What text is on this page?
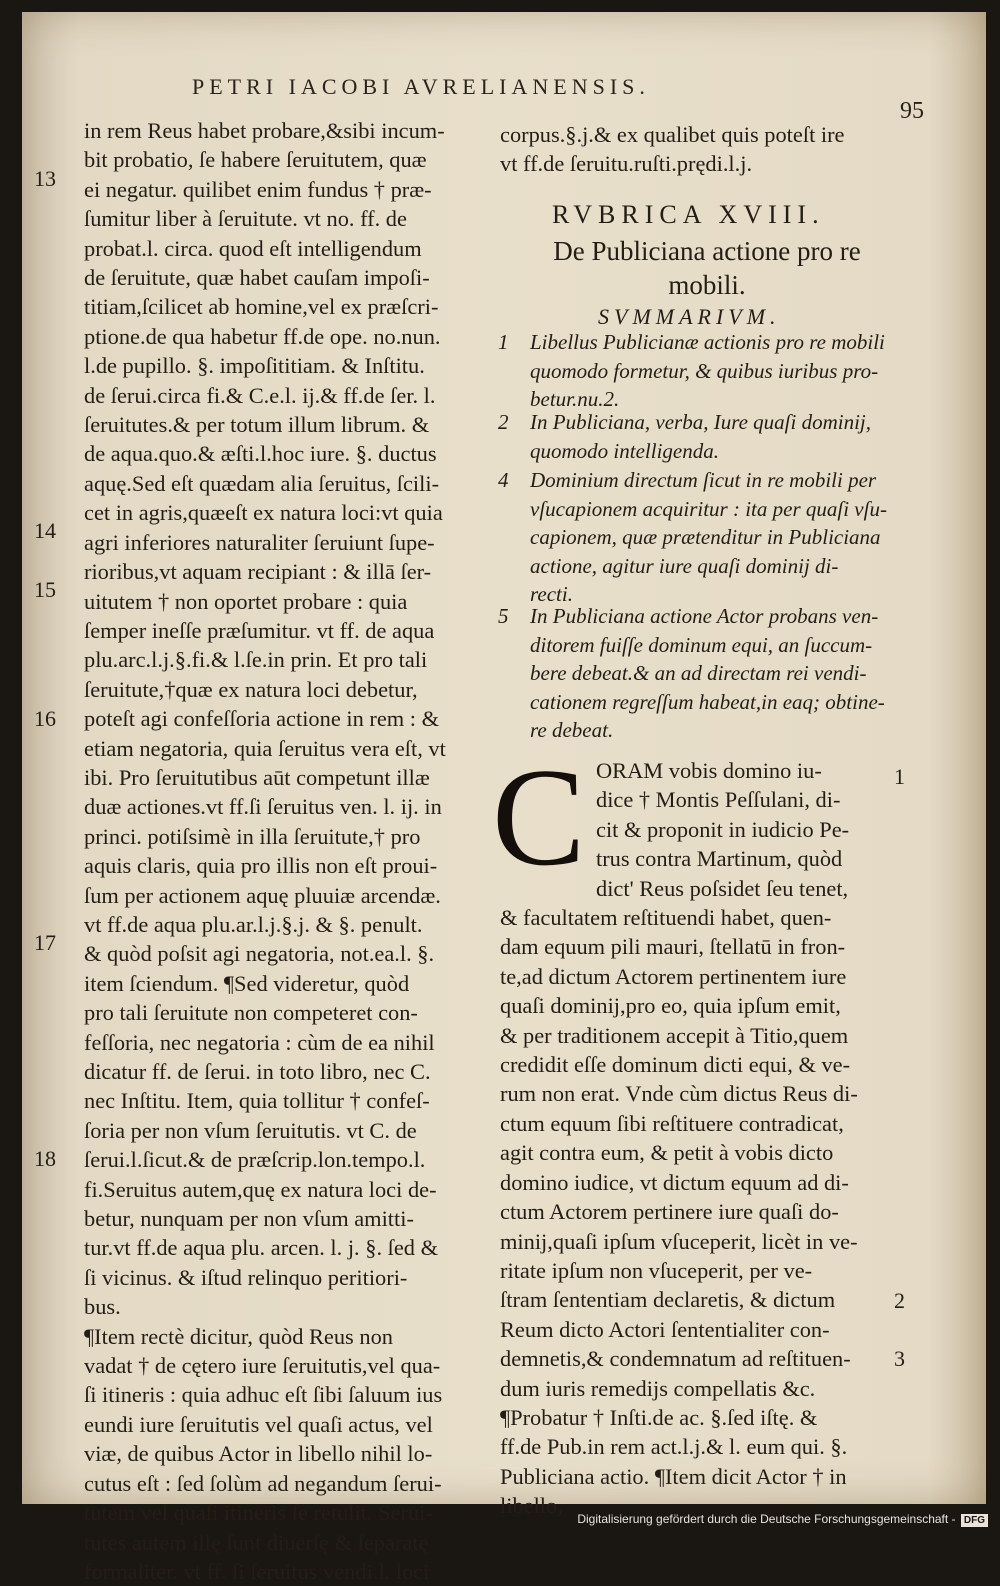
PETRI IACOBI AVRELIANENSIS.
95

in rem Reus habet probare,&sibi incum-

bit probatio, ſe habere ſeruitutem, quæ

ei negatur. quilibet enim fundus † præ-

ſumitur liber à ſeruitute. vt no. ff. de

probat.l. circa. quod eſt intelligendum

de ſeruitute, quæ habet cauſam impoſi-

titiam,ſcilicet ab homine,vel ex præſcri-

ptione.de qua habetur ff.de ope. no.nun.

l.de pupillo. §. impoſititiam. & Inſtitu.

de ſerui.circa fi.& C.e.l. ij.& ff.de ſer. l.

ſeruitutes.& per totum illum librum. &

de aqua.quo.& æſti.l.hoc iure. §. ductus

aquę.Sed eſt quædam alia ſeruitus, ſcili-

cet in agris,quæeſt ex natura loci:vt quia

agri inferiores naturaliter ſeruiunt ſupe-

rioribus,vt aquam recipiant : & illā ſer-

uitutem † non oportet probare : quia

ſemper ineſſe præſumitur. vt ff. de aqua

plu.arc.l.j.§.fi.& l.ſe.in prin. Et pro tali

ſeruitute,†quæ ex natura loci debetur,

poteſt agi confeſſoria actione in rem : &

etiam negatoria, quia ſeruitus vera eſt, vt

ibi. Pro ſeruitutibus aūt competunt illæ

duæ actiones.vt ff.ſi ſeruitus ven. l. ij. in

princi. potiſsimè in illa ſeruitute,† pro

aquis claris, quia pro illis non eſt proui-

ſum per actionem aquę pluuiæ arcendæ.

vt ff.de aqua plu.ar.l.j.§.j. & §. penult.

& quòd poſsit agi negatoria, not.ea.l. §.

item ſciendum. ¶Sed videretur, quòd

pro tali ſeruitute non competeret con-

feſſoria, nec negatoria : cùm de ea nihil

dicatur ff. de ſerui. in toto libro, nec C.

nec Inſtitu. Item, quia tollitur † confeſ-

ſoria per non vſum ſeruitutis. vt C. de

ſerui.l.ſicut.& de præſcrip.lon.tempo.l.

fi.Seruitus autem,quę ex natura loci de-

betur, nunquam per non vſum amitti-

tur.vt ff.de aqua plu. arcen. l. j. §. ſed &

ſi vicinus. & iſtud relinquo peritiori-

bus.

¶Item rectè dicitur, quòd Reus non

vadat † de cętero iure ſeruitutis,vel qua-

ſi itineris : quia adhuc eſt ſibi ſaluum ius

eundi iure ſeruitutis vel quaſi actus, vel

viæ, de quibus Actor in libello nihil lo-

cutus eſt : ſed ſolùm ad negandum ſerui-

tutem vel quaſi itineris ſe retulit. Serui-

tutes autem illę ſunt diuerſę & ſeparatę

formaliter. vt ff. ſi ſeruitus vendi.l. loci

13
14
15
16
17
18

corpus.§.j.& ex qualibet quis poteſt ire

vt ff.de ſeruitu.ruſti.prędi.l.j.

RVBRICA XVIII.
De Publiciana actione pro re mobili.
SVMMARIVM.
1 Libellus Publicianæ actionis pro re mobili

quomodo formetur, & quibus iuribus pro-

betur.nu.2.

2 In Publiciana, verba, Iure quaſi dominij,

quomodo intelligenda.

4 Dominium directum ſicut in re mobili per

vſucapionem acquiritur : ita per quaſi vſu-

capionem, quæ prætenditur in Publiciana

actione, agitur iure quaſi dominij di-

recti.

5 In Publiciana actione Actor probans ven-

ditorem fuiſſe dominum equi, an ſuccum-

bere debeat.& an ad directam rei vendi-

cationem regreſſum habeat,in eaq; obtine-

re debeat.

C ORAM vobis domino iu-

dice † Montis Peſſulani, di-

cit & proponit in iudicio Pe-

trus contra Martinum, quòd

dict' Reus poſsidet ſeu tenet,

& facultatem reſtituendi habet, quen-

dam equum pili mauri, ſtellatū in fron-

te,ad dictum Actorem pertinentem iure

quaſi dominij,pro eo, quia ipſum emit,

& per traditionem accepit à Titio,quem

credidit eſſe dominum dicti equi, & ve-

rum non erat. Vnde cùm dictus Reus di-

ctum equum ſibi reſtituere contradicat,

agit contra eum, & petit à vobis dicto

domino iudice, vt dictum equum ad di-

ctum Actorem pertinere iure quaſi do-

minij,quaſi ipſum vſuceperit, licèt in ve-

ritate ipſum non vſuceperit, per ve-

ſtram ſententiam declaretis, & dictum

Reum dicto Actori ſententialiter con-

demnetis,& condemnatum ad reſtituen-

dum iuris remedijs compellatis &c.

¶Probatur † Inſti.de ac. §.ſed iſtę. &

ff.de Pub.in rem act.l.j.& l. eum qui. §.

Publiciana actio. ¶Item dicit Actor † in

libello,

1
2
3
Digitalisierung gefördert durch die Deutsche Forschungsgemeinschaft - DFG
